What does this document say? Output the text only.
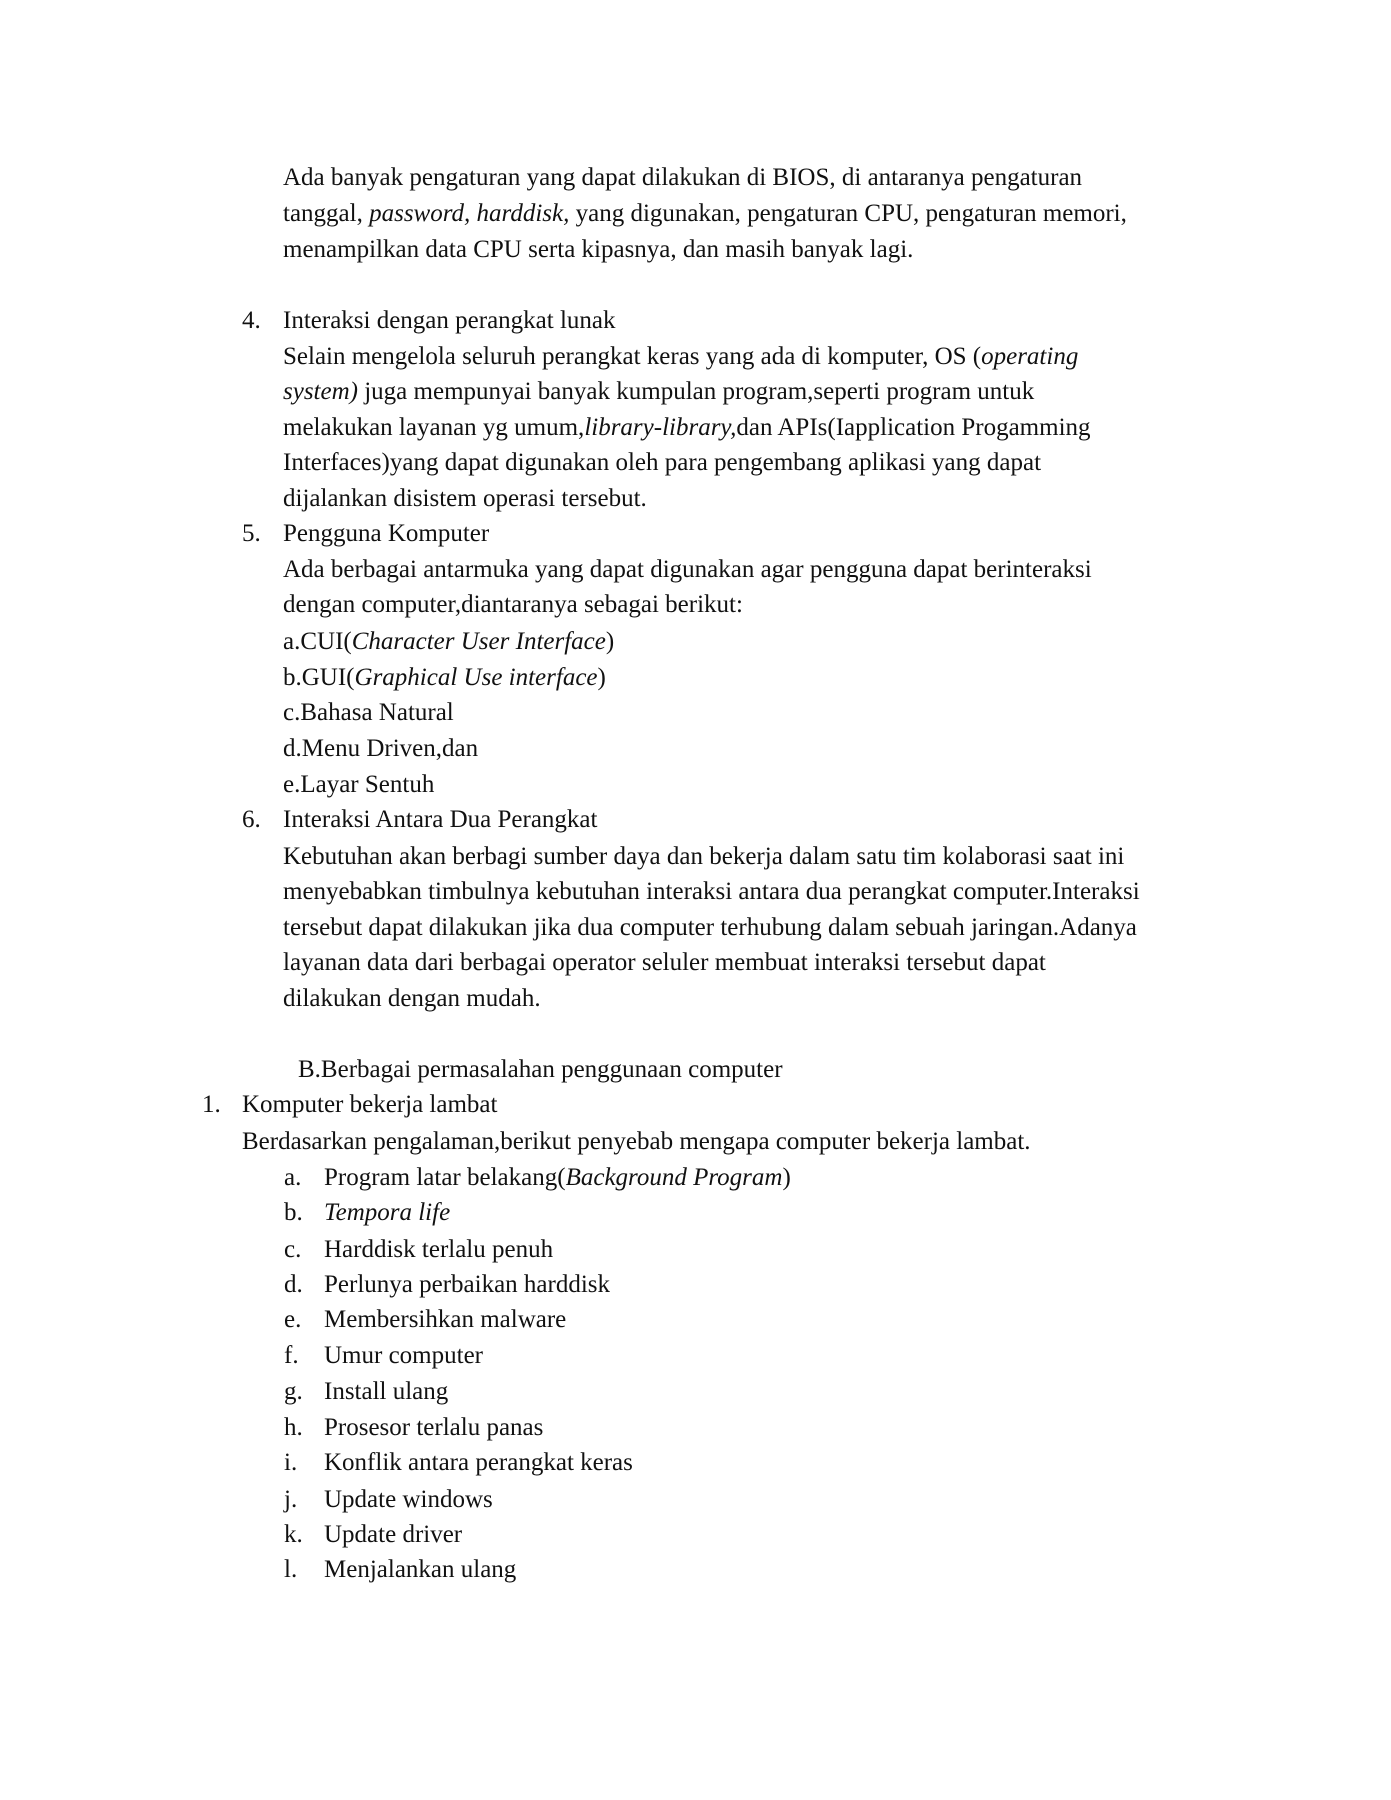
Ada banyak pengaturan yang dapat dilakukan di BIOS, di antaranya pengaturan
tanggal, password, harddisk, yang digunakan, pengaturan CPU, pengaturan memori,
menampilkan data CPU serta kipasnya, dan masih banyak lagi.
4. Interaksi dengan perangkat lunak
Selain mengelola seluruh perangkat keras yang ada di komputer, OS (operating
system) juga mempunyai banyak kumpulan program,seperti program untuk
melakukan layanan yg umum,library-library,dan APIs(Iapplication Progamming
Interfaces)yang dapat digunakan oleh para pengembang aplikasi yang dapat
dijalankan disistem operasi tersebut.
5. Pengguna Komputer
Ada berbagai antarmuka yang dapat digunakan agar pengguna dapat berinteraksi
dengan computer,diantaranya sebagai berikut:
a.CUI(Character User Interface)
b.GUI(Graphical Use interface)
c.Bahasa Natural
d.Menu Driven,dan
e.Layar Sentuh
6. Interaksi Antara Dua Perangkat
Kebutuhan akan berbagi sumber daya dan bekerja dalam satu tim kolaborasi saat ini
menyebabkan timbulnya kebutuhan interaksi antara dua perangkat computer.Interaksi
tersebut dapat dilakukan jika dua computer terhubung dalam sebuah jaringan.Adanya
layanan data dari berbagai operator seluler membuat interaksi tersebut dapat
dilakukan dengan mudah.
B.Berbagai permasalahan penggunaan computer
1. Komputer bekerja lambat
Berdasarkan pengalaman,berikut penyebab mengapa computer bekerja lambat.
a. Program latar belakang(Background Program)
b. Tempora life
c. Harddisk terlalu penuh
d. Perlunya perbaikan harddisk
e. Membersihkan malware
f. Umur computer
g. Install ulang
h. Prosesor terlalu panas
i. Konflik antara perangkat keras
j. Update windows
k. Update driver
l. Menjalankan ulang
